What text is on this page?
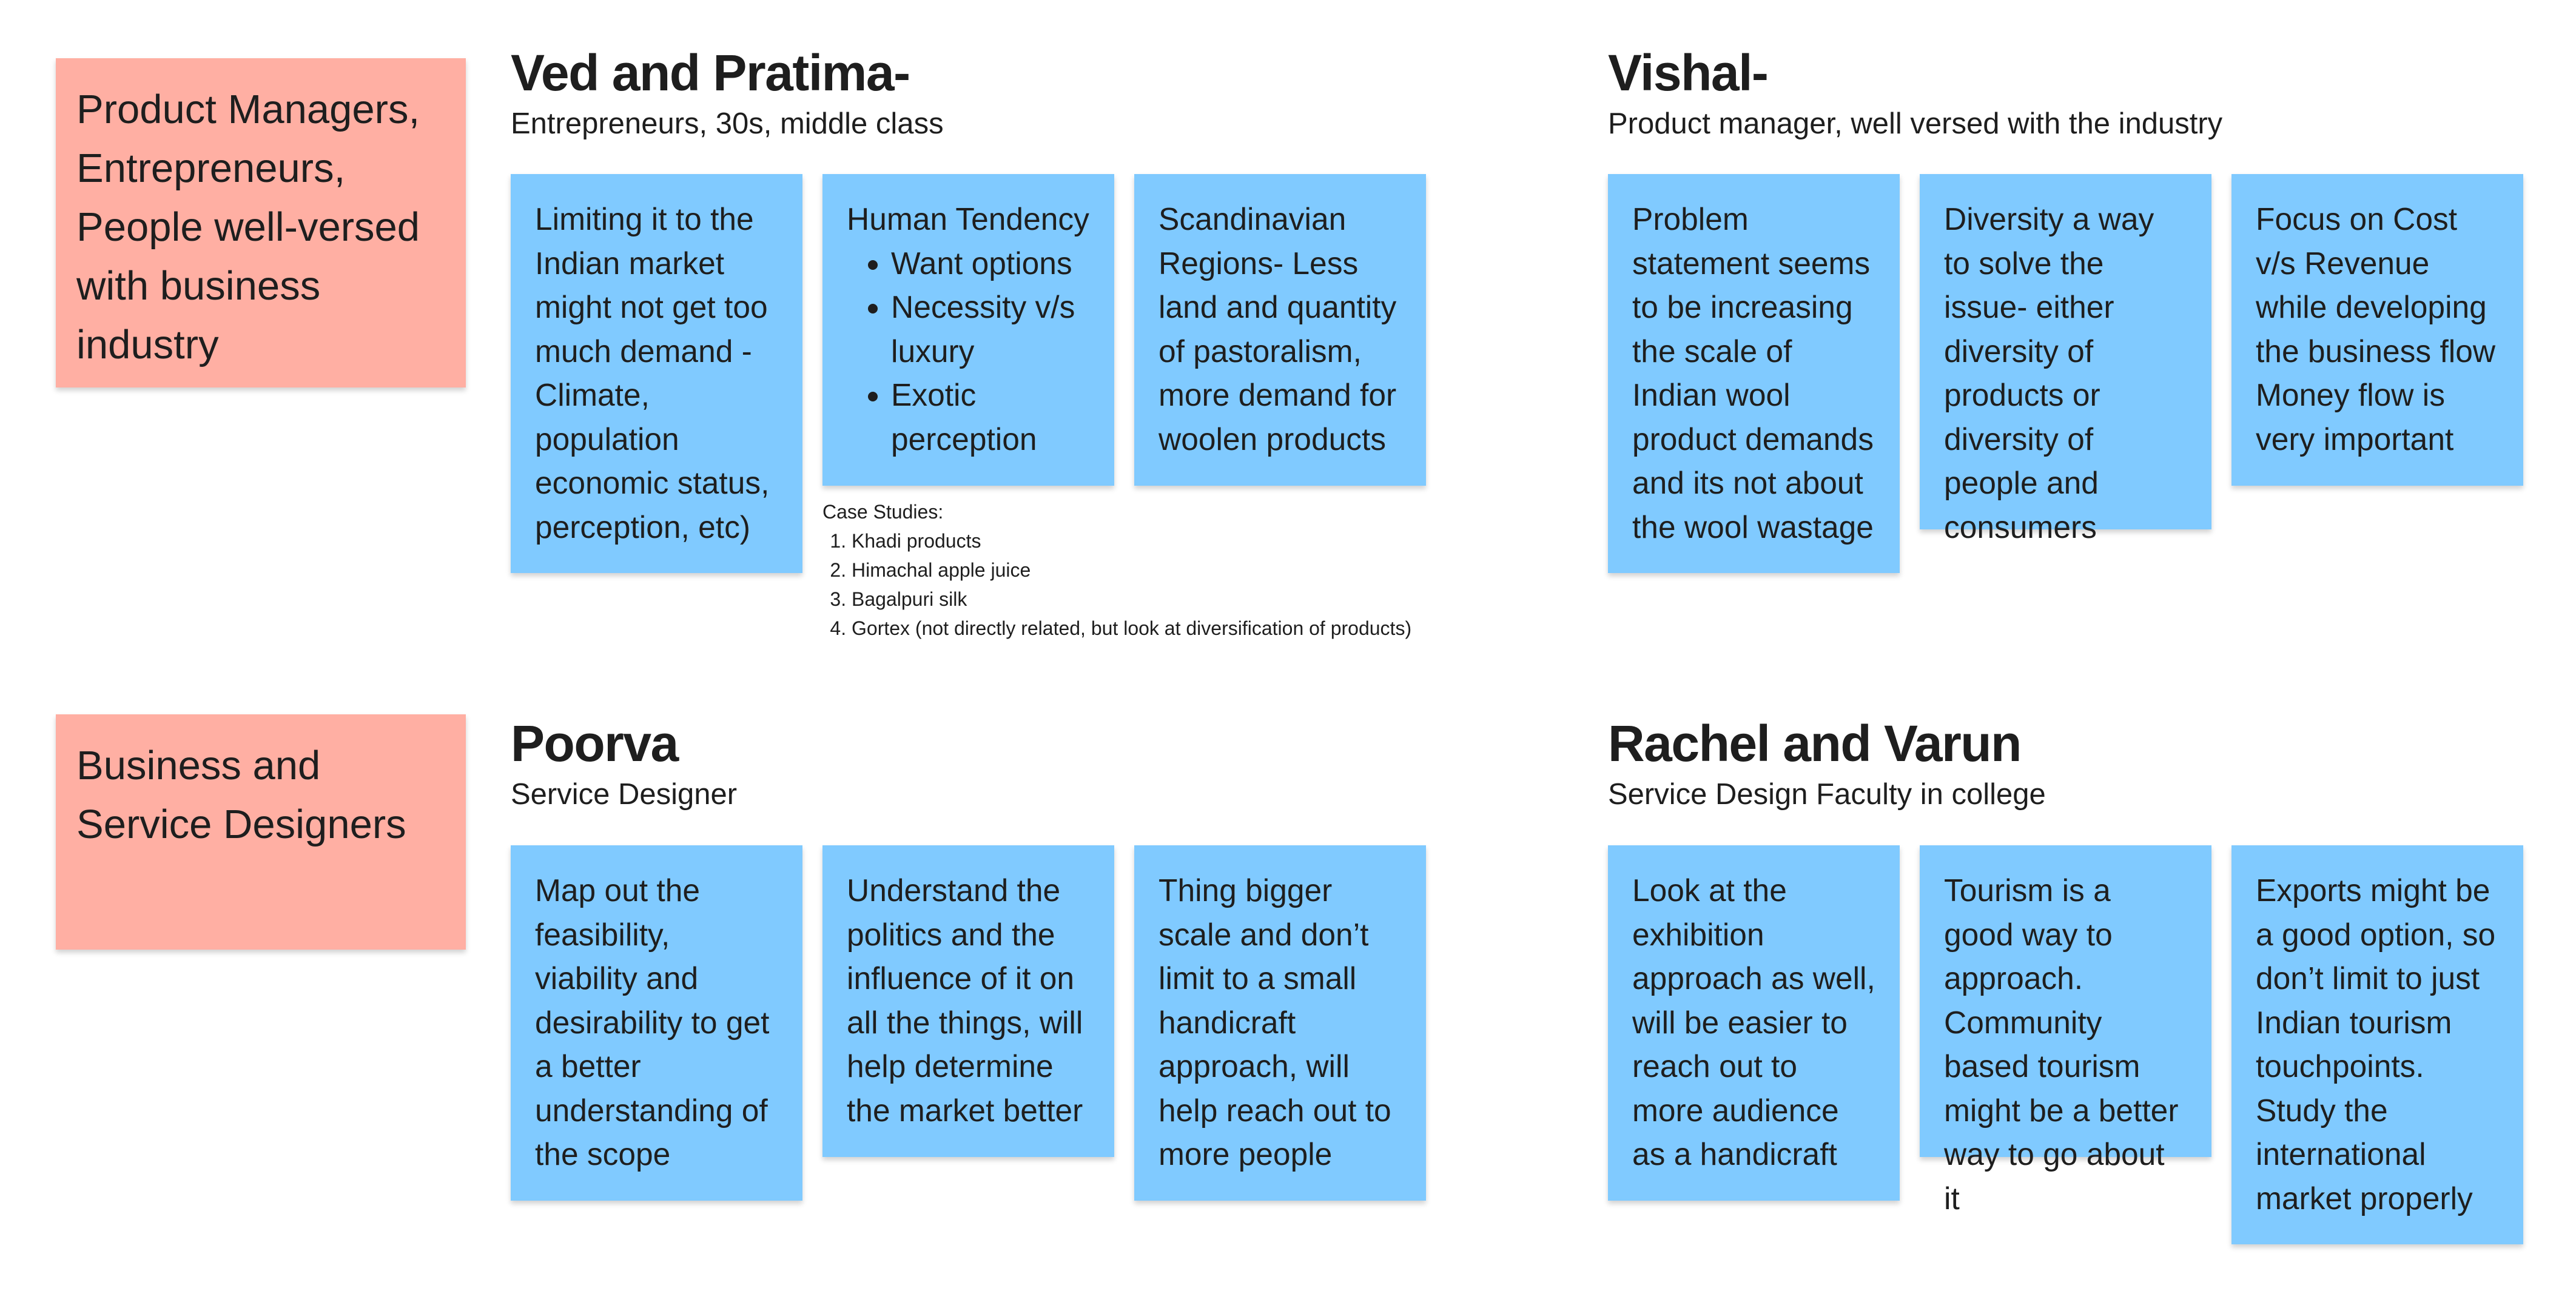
Product Managers, Entrepreneurs, People well-versed with business industry
Business and Service Designers
Ved and Pratima-
Entrepreneurs, 30s, middle class
Limiting it to the Indian market might not get too much demand -Climate, population economic status, perception, etc)
Human Tendency
• Want options
• Necessity v/s luxury
• Exotic perception
Scandinavian Regions- Less land and quantity of pastoralism, more demand for woolen products
Case Studies:
1. Khadi products
2. Himachal apple juice
3. Bagalpuri silk
4. Gortex (not directly related, but look at diversification of products)
Vishal-
Product manager, well versed with the industry
Problem statement seems to be increasing the scale of Indian wool product demands and its not about the wool wastage
Diversity a way to solve the issue- either diversity of products or diversity of people and consumers
Focus on Cost v/s Revenue while developing the business flow Money flow is very important
Poorva
Service Designer
Map out the feasibility, viability and desirability to get a better understanding of the scope
Understand the politics and the influence of it on all the things, will help determine the market better
Thing bigger scale and don’t limit to a small handicraft approach, will help reach out to more people
Rachel and Varun
Service Design Faculty in college
Look at the exhibition approach as well, will be easier to reach out to more audience as a handicraft
Tourism is a good way to approach. Community based tourism might be a better way to go about it
Exports might be a good option, so don’t limit to just Indian tourism touchpoints. Study the international market properly
